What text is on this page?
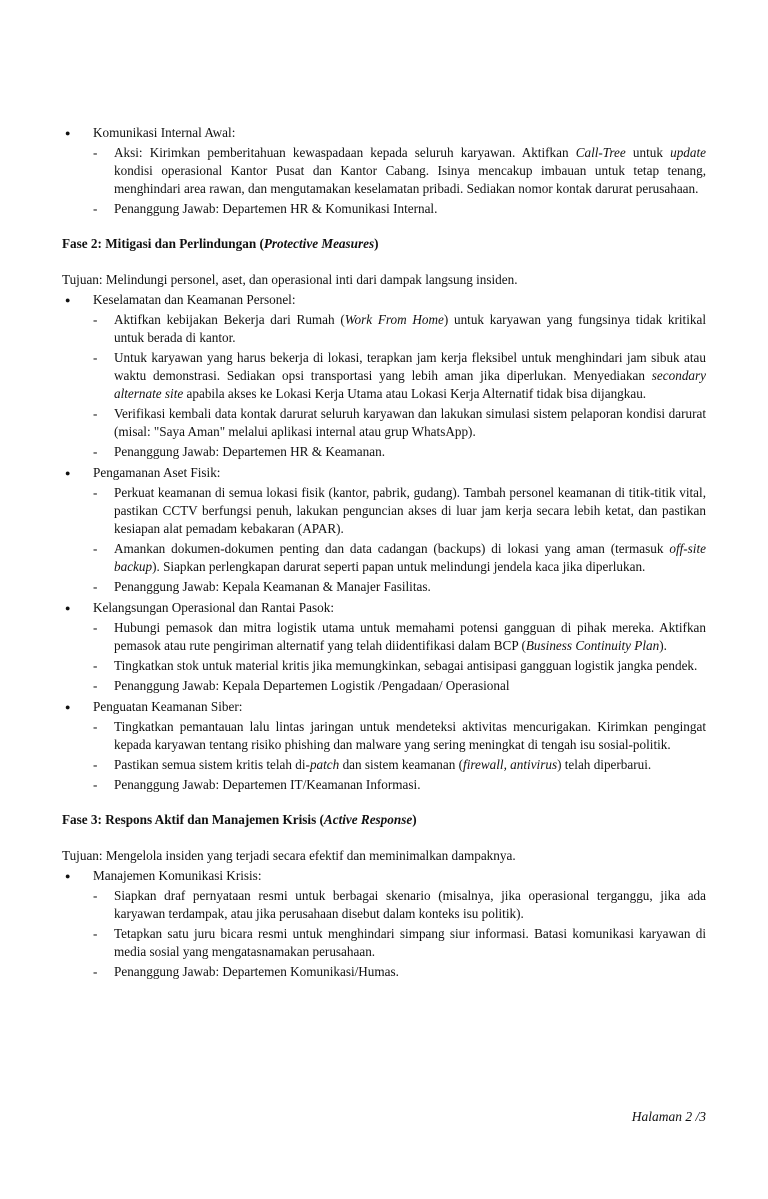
● Komunikasi Internal Awal:
- Aksi: Kirimkan pemberitahuan kewaspadaan kepada seluruh karyawan. Aktifkan Call-Tree untuk update kondisi operasional Kantor Pusat dan Kantor Cabang. Isinya mencakup imbauan untuk tetap tenang, menghindari area rawan, dan mengutamakan keselamatan pribadi. Sediakan nomor kontak darurat perusahaan.
- Penanggung Jawab: Departemen HR & Komunikasi Internal.
Fase 2: Mitigasi dan Perlindungan (Protective Measures)
Tujuan: Melindungi personel, aset, dan operasional inti dari dampak langsung insiden.
● Keselamatan dan Keamanan Personel:
- Aktifkan kebijakan Bekerja dari Rumah (Work From Home) untuk karyawan yang fungsinya tidak kritikal untuk berada di kantor.
- Untuk karyawan yang harus bekerja di lokasi, terapkan jam kerja fleksibel untuk menghindari jam sibuk atau waktu demonstrasi. Sediakan opsi transportasi yang lebih aman jika diperlukan. Menyediakan secondary alternate site apabila akses ke Lokasi Kerja Utama atau Lokasi Kerja Alternatif tidak bisa dijangkau.
- Verifikasi kembali data kontak darurat seluruh karyawan dan lakukan simulasi sistem pelaporan kondisi darurat (misal: "Saya Aman" melalui aplikasi internal atau grup WhatsApp).
- Penanggung Jawab: Departemen HR & Keamanan.
● Pengamanan Aset Fisik:
- Perkuat keamanan di semua lokasi fisik (kantor, pabrik, gudang). Tambah personel keamanan di titik-titik vital, pastikan CCTV berfungsi penuh, lakukan penguncian akses di luar jam kerja secara lebih ketat, dan pastikan kesiapan alat pemadam kebakaran (APAR).
- Amankan dokumen-dokumen penting dan data cadangan (backups) di lokasi yang aman (termasuk off-site backup). Siapkan perlengkapan darurat seperti papan untuk melindungi jendela kaca jika diperlukan.
- Penanggung Jawab: Kepala Keamanan & Manajer Fasilitas.
● Kelangsungan Operasional dan Rantai Pasok:
- Hubungi pemasok dan mitra logistik utama untuk memahami potensi gangguan di pihak mereka. Aktifkan pemasok atau rute pengiriman alternatif yang telah diidentifikasi dalam BCP (Business Continuity Plan).
- Tingkatkan stok untuk material kritis jika memungkinkan, sebagai antisipasi gangguan logistik jangka pendek.
- Penanggung Jawab: Kepala Departemen Logistik /Pengadaan/ Operasional
● Penguatan Keamanan Siber:
- Tingkatkan pemantauan lalu lintas jaringan untuk mendeteksi aktivitas mencurigakan. Kirimkan pengingat kepada karyawan tentang risiko phishing dan malware yang sering meningkat di tengah isu sosial-politik.
- Pastikan semua sistem kritis telah di-patch dan sistem keamanan (firewall, antivirus) telah diperbarui.
- Penanggung Jawab: Departemen IT/Keamanan Informasi.
Fase 3: Respons Aktif dan Manajemen Krisis (Active Response)
Tujuan: Mengelola insiden yang terjadi secara efektif dan meminimalkan dampaknya.
● Manajemen Komunikasi Krisis:
- Siapkan draf pernyataan resmi untuk berbagai skenario (misalnya, jika operasional terganggu, jika ada karyawan terdampak, atau jika perusahaan disebut dalam konteks isu politik).
- Tetapkan satu juru bicara resmi untuk menghindari simpang siur informasi. Batasi komunikasi karyawan di media sosial yang mengatasnamakan perusahaan.
- Penanggung Jawab: Departemen Komunikasi/Humas.
Halaman 2 /3
